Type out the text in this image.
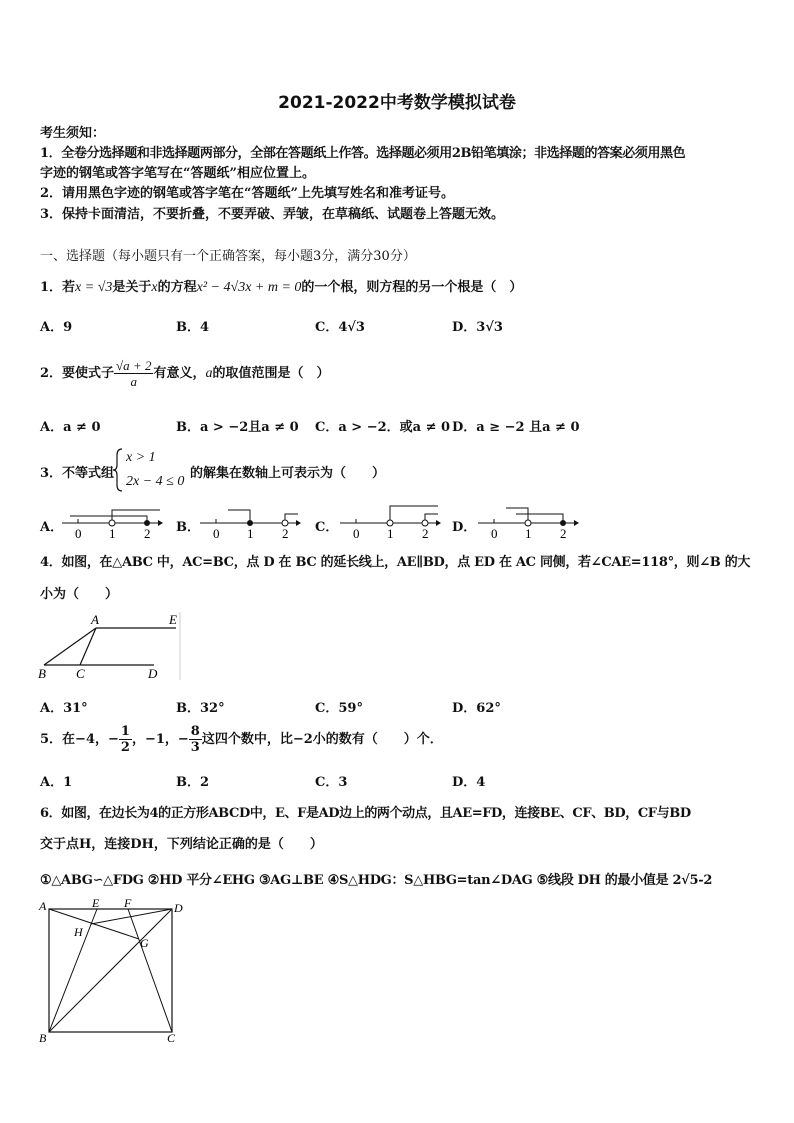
2021-2022中考数学模拟试卷
考生须知：
1．全卷分选择题和非选择题两部分，全部在答题纸上作答。选择题必须用2B铅笔填涂；非选择题的答案必须用黑色
字迹的钢笔或答字笔写在“答题纸”相应位置上。
2．请用黑色字迹的钢笔或答字笔在“答题纸”上先填写姓名和准考证号。
3．保持卡面清洁，不要折叠，不要弄破、弄皱，在草稿纸、试题卷上答题无效。
一、选择题（每小题只有一个正确答案，每小题3分，满分30分）
1．若x = √3是关于x的方程x² − 4√3x + m = 0的一个根，则方程的另一个根是（　）
A．9	B．4	C．4√3	D．3√3
2．要使式子 $\frac{√a + 2}{a}$ 有意义，a的取值范围是（　）
A．a ≠ 0	B．a > −2且a ≠ 0 C．a > −2．或a ≠ 0 D．a ≥ −2 且a ≠ 0
3．不等式组
x > 1
2x − 4 ≤ 0
的解集在数轴上可表示为（　　）
A． 0 1 2 B． 0 1 2 C． 0 1 2 D． 0 1 2
4．如图，在△ABC 中，AC=BC，点 D 在 BC 的延长线上，AE∥BD，点 ED 在 AC 同侧，若∠CAE=118°，则∠B 的大
小为（　　）
A	E
B C	D
A．31°	B．32°	C．59°	D．62°
5．在−4，− $\frac{1}{2}$ ，−1，− $\frac{8}{3}$ 这四个数中，比−2小的数有（　　）个．
A．1	B．2	C．3	D．4
6．如图，在边长为4的正方形ABCD中，E、F是AD边上的两个动点，且AE=FD，连接BE、CF、BD，CF与BD
交于点H，连接DH，下列结论正确的是（　　）
①△ABG∽△FDG ②HD 平分∠EHG ③AG⊥BE ④S△HDG：S△HBG=tan∠DAG ⑤线段 DH 的最小值是 2√5-2
A	E F	D
H
G
B	C
